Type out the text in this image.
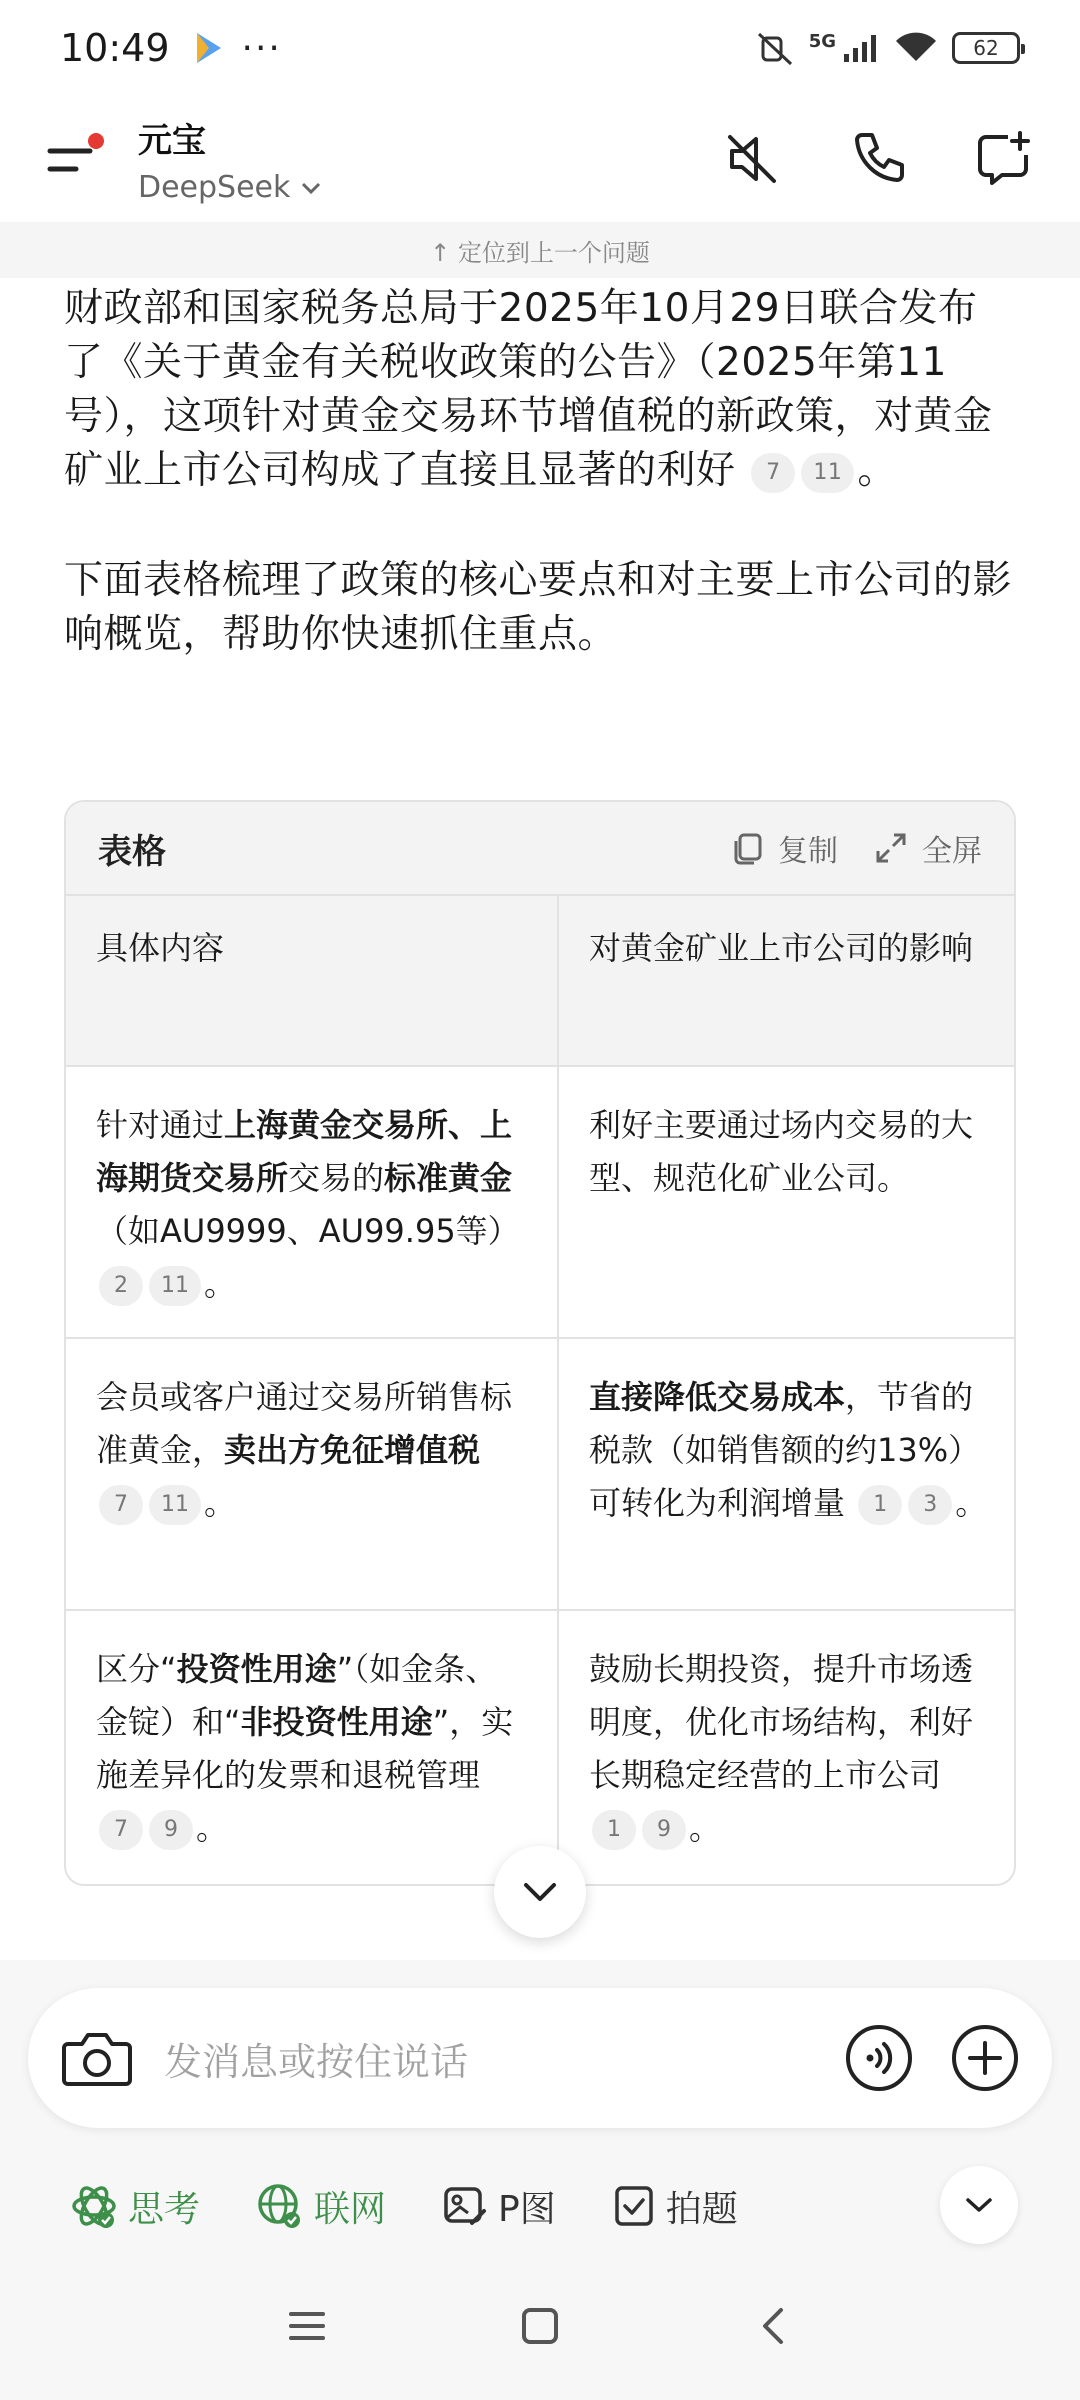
10:49 ···	5G	62
元宝
DeepSeek
↑ 定位到上一个问题

财政部和国家税务总局于2025年10月29日联合发布了《关于黄金有关税收政策的公告》（2025年第11号），这项针对黄金交易环节增值税的新政策，对黄金矿业上市公司构成了直接且显著的利好 7 11 。

下面表格梳理了政策的核心要点和对主要上市公司的影响概览，帮助你快速抓住重点。

表格	复制	全屏
具体内容	对黄金矿业上市公司的影响
针对通过上海黄金交易所、上海期货交易所交易的标准黄金（如AU9999、AU99.95等） 2 11 。	利好主要通过场内交易的大型、规范化矿业公司。
会员或客户通过交易所销售标准黄金，卖出方免征增值税 7 11 。	直接降低交易成本，节省的税款（如销售额的约13%）可转化为利润增量 1 3 。
区分“投资性用途”（如金条、金锭）和“非投资性用途”，实施差异化的发票和退税管理 7 9 。	鼓励长期投资，提升市场透明度，优化市场结构，利好长期稳定经营的上市公司 1 9 。
发消息或按住说话
思考	联网	P图	拍题
